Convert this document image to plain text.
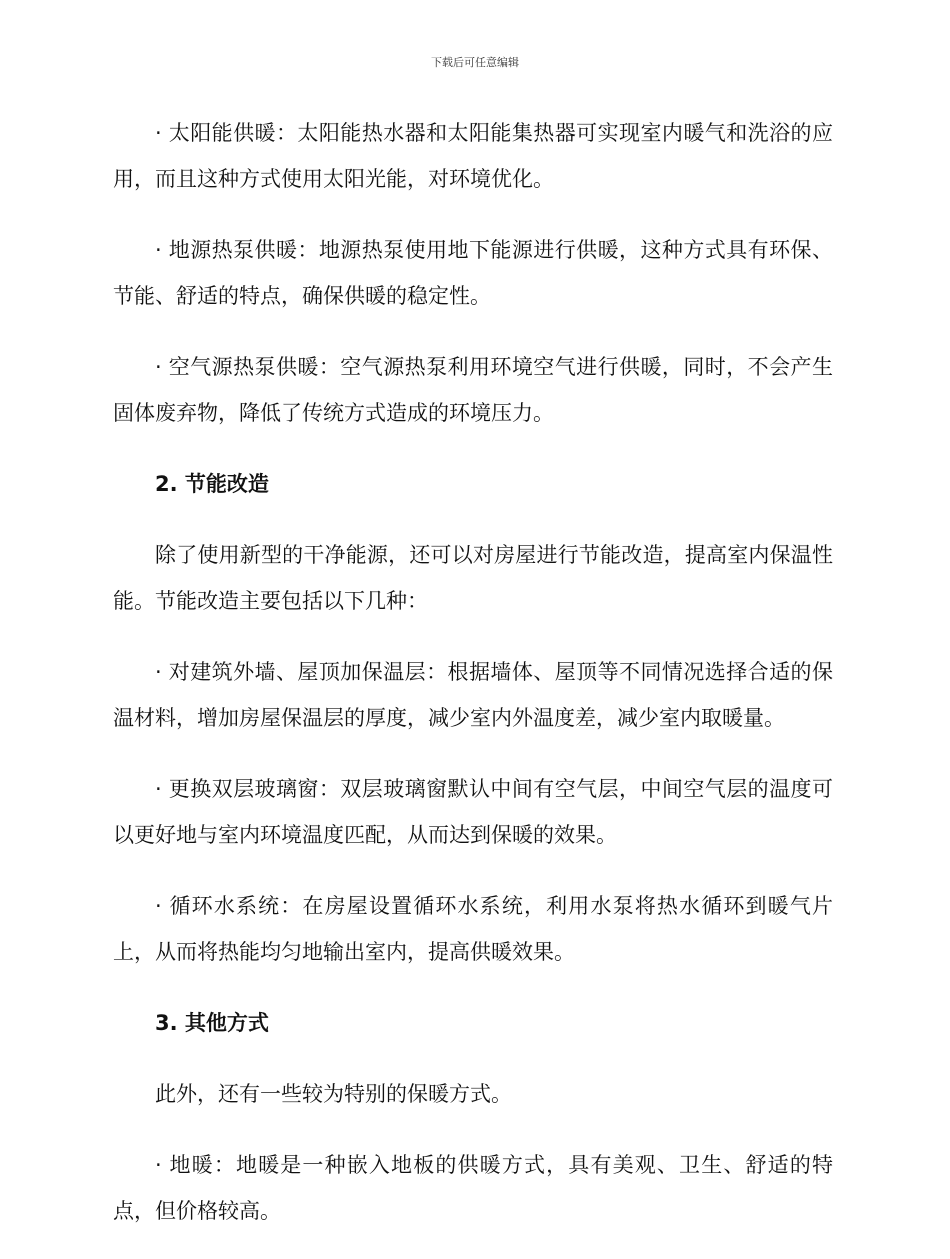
下载后可任意编辑

· 太阳能供暖：太阳能热水器和太阳能集热器可实现室内暖气和洗浴的应用，而且这种方式使用太阳光能，对环境优化。

· 地源热泵供暖：地源热泵使用地下能源进行供暖，这种方式具有环保、节能、舒适的特点，确保供暖的稳定性。

· 空气源热泵供暖：空气源热泵利用环境空气进行供暖，同时，不会产生固体废弃物，降低了传统方式造成的环境压力。

2. 节能改造

除了使用新型的干净能源，还可以对房屋进行节能改造，提高室内保温性能。节能改造主要包括以下几种：

· 对建筑外墙、屋顶加保温层：根据墙体、屋顶等不同情况选择合适的保温材料，增加房屋保温层的厚度，减少室内外温度差，减少室内取暖量。

· 更换双层玻璃窗：双层玻璃窗默认中间有空气层，中间空气层的温度可以更好地与室内环境温度匹配，从而达到保暖的效果。

· 循环水系统：在房屋设置循环水系统，利用水泵将热水循环到暖气片上，从而将热能均匀地输出室内，提高供暖效果。

3. 其他方式

此外，还有一些较为特别的保暖方式。

· 地暖：地暖是一种嵌入地板的供暖方式，具有美观、卫生、舒适的特点，但价格较高。
